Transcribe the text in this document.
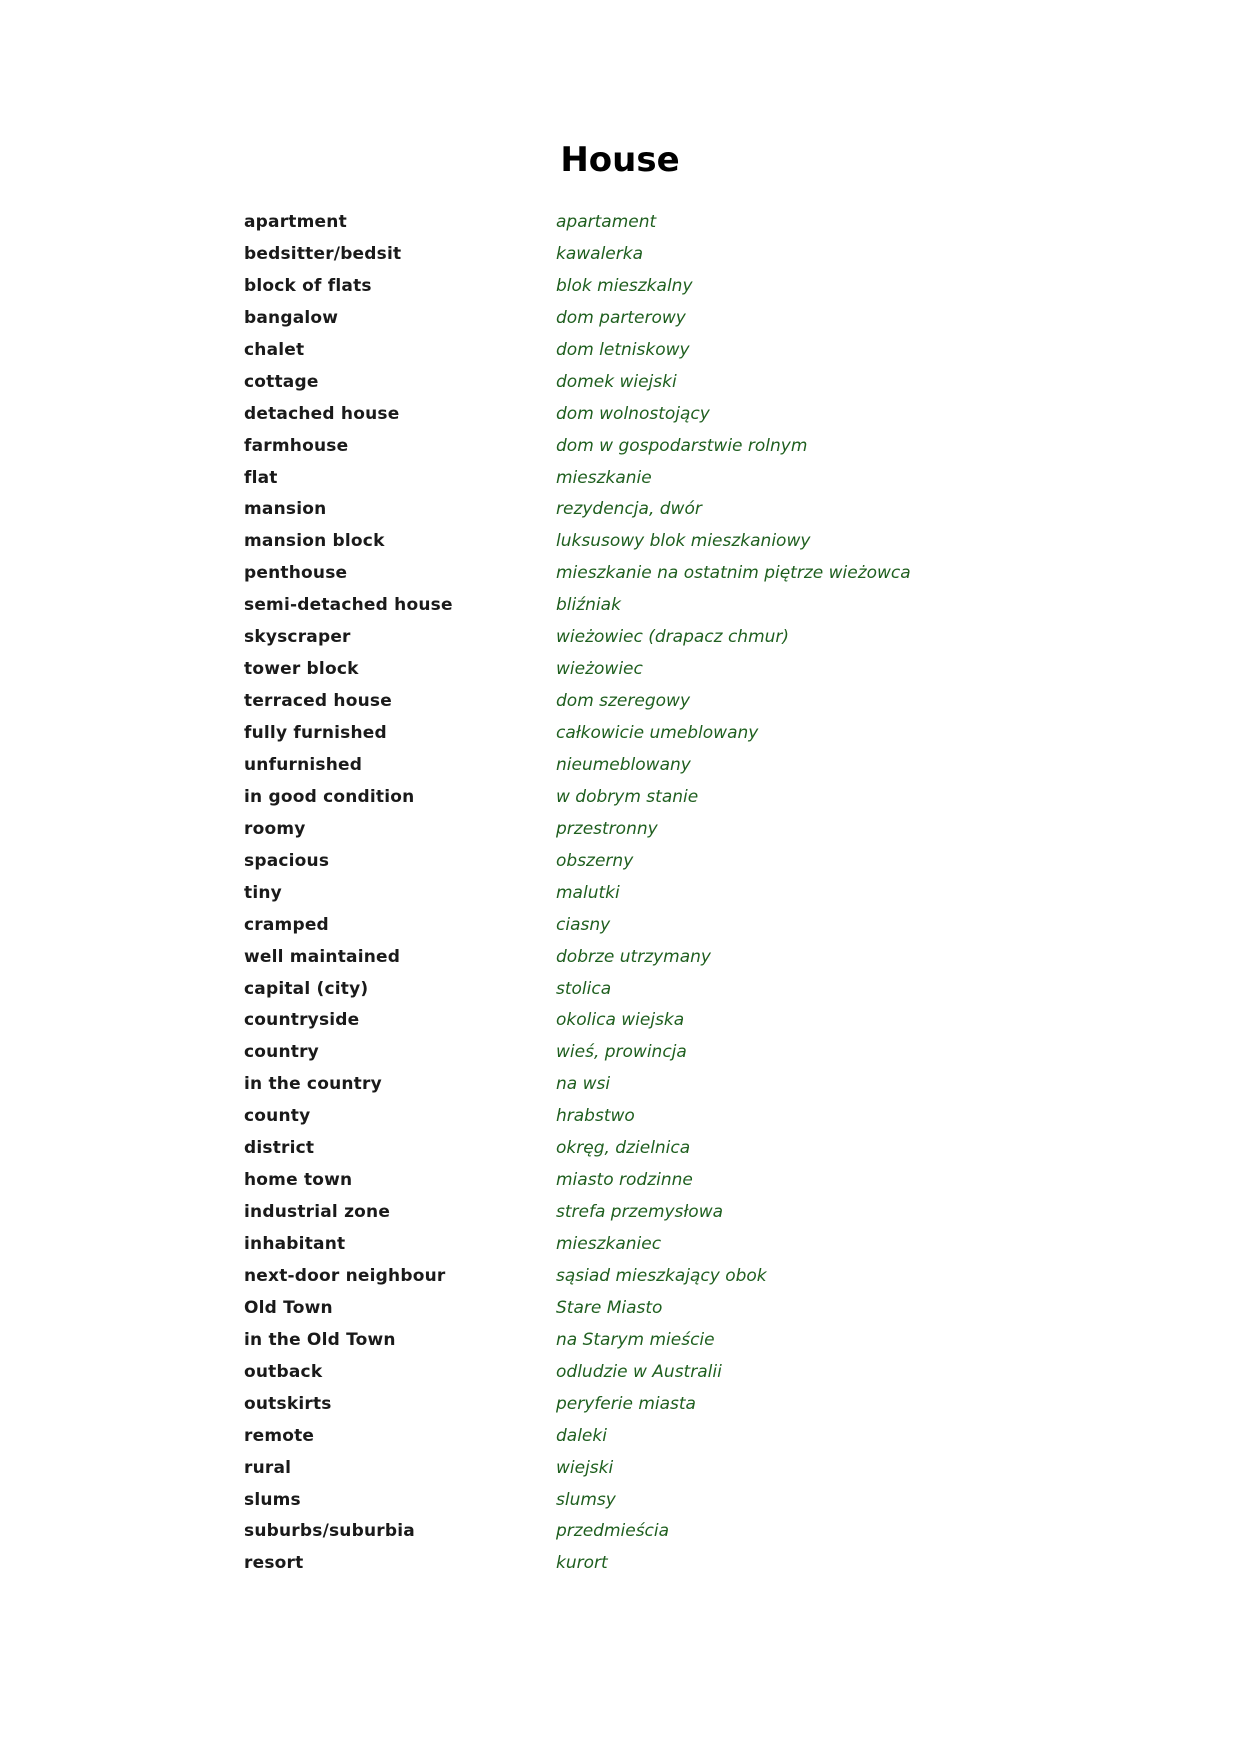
House
apartment	apartament
bedsitter/bedsit	kawalerka
block of flats	blok mieszkalny
bangalow	dom parterowy
chalet	dom letniskowy
cottage	domek wiejski
detached house	dom wolnostojący
farmhouse	dom w gospodarstwie rolnym
flat	mieszkanie
mansion	rezydencja, dwór
mansion block	luksusowy blok mieszkaniowy
penthouse	mieszkanie na ostatnim piętrze wieżowca
semi-detached house	bliźniak
skyscraper	wieżowiec (drapacz chmur)
tower block	wieżowiec
terraced house	dom szeregowy
fully furnished	całkowicie umeblowany
unfurnished	nieumeblowany
in good condition	w dobrym stanie
roomy	przestronny
spacious	obszerny
tiny	malutki
cramped	ciasny
well maintained	dobrze utrzymany
capital (city)	stolica
countryside	okolica wiejska
country	wieś, prowincja
in the country	na wsi
county	hrabstwo
district	okręg, dzielnica
home town	miasto rodzinne
industrial zone	strefa przemysłowa
inhabitant	mieszkaniec
next-door neighbour	sąsiad mieszkający obok
Old Town	Stare Miasto
in the Old Town	na Starym mieście
outback	odludzie w Australii
outskirts	peryferie miasta
remote	daleki
rural	wiejski
slums	slumsy
suburbs/suburbia	przedmieścia
resort	kurort
